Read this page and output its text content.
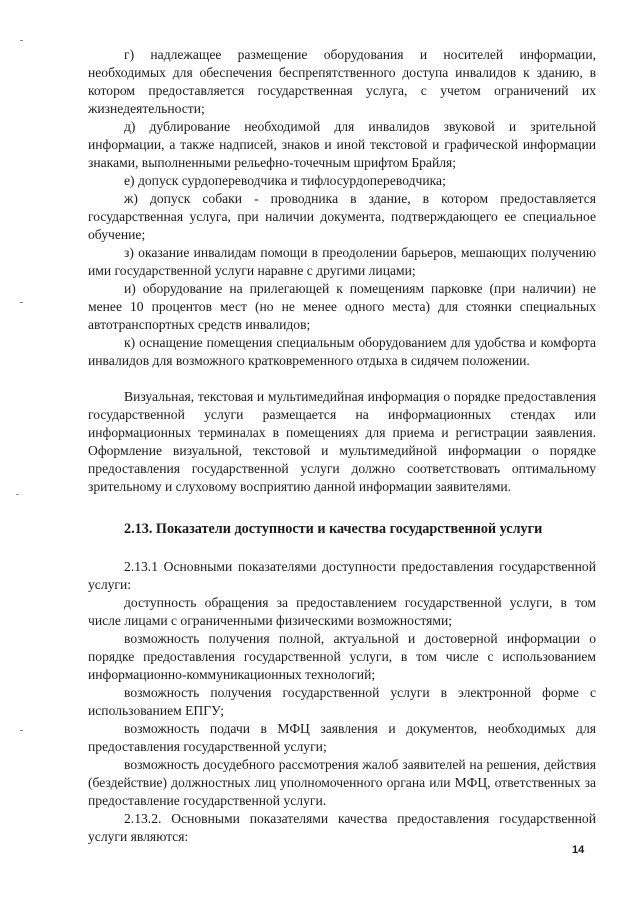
г) надлежащее размещение оборудования и носителей информации, необходимых для обеспечения беспрепятственного доступа инвалидов к зданию, в котором предоставляется государственная услуга, с учетом ограничений их жизнедеятельности;

д) дублирование необходимой для инвалидов звуковой и зрительной информации, а также надписей, знаков и иной текстовой и графической информации знаками, выполненными рельефно-точечным шрифтом Брайля;

е) допуск сурдопереводчика и тифлосурдопереводчика;

ж) допуск собаки - проводника в здание, в котором предоставляется государственная услуга, при наличии документа, подтверждающего ее специальное обучение;

з) оказание инвалидам помощи в преодолении барьеров, мешающих получению ими государственной услуги наравне с другими лицами;

и) оборудование на прилегающей к помещениям парковке (при наличии) не менее 10 процентов мест (но не менее одного места) для стоянки специальных автотранспортных средств инвалидов;

к) оснащение помещения специальным оборудованием для удобства и комфорта инвалидов для возможного кратковременного отдыха в сидячем положении.

Визуальная, текстовая и мультимедийная информация о порядке предоставления государственной услуги размещается на информационных стендах или информационных терминалах в помещениях для приема и регистрации заявления. Оформление визуальной, текстовой и мультимедийной информации о порядке предоставления государственной услуги должно соответствовать оптимальному зрительному и слуховому восприятию данной информации заявителями.

2.13. Показатели доступности и качества государственной услуги

2.13.1 Основными показателями доступности предоставления государственной услуги:

доступность обращения за предоставлением государственной услуги, в том числе лицами с ограниченными физическими возможностями;

возможность получения полной, актуальной и достоверной информации о порядке предоставления государственной услуги, в том числе с использованием информационно-коммуникационных технологий;

возможность получения государственной услуги в электронной форме с использованием ЕПГУ;

возможность подачи в МФЦ заявления и документов, необходимых для предоставления государственной услуги;

возможность досудебного рассмотрения жалоб заявителей на решения, действия (бездействие) должностных лиц уполномоченного органа или МФЦ, ответственных за предоставление государственной услуги.

2.13.2. Основными показателями качества предоставления государственной услуги являются:

14
